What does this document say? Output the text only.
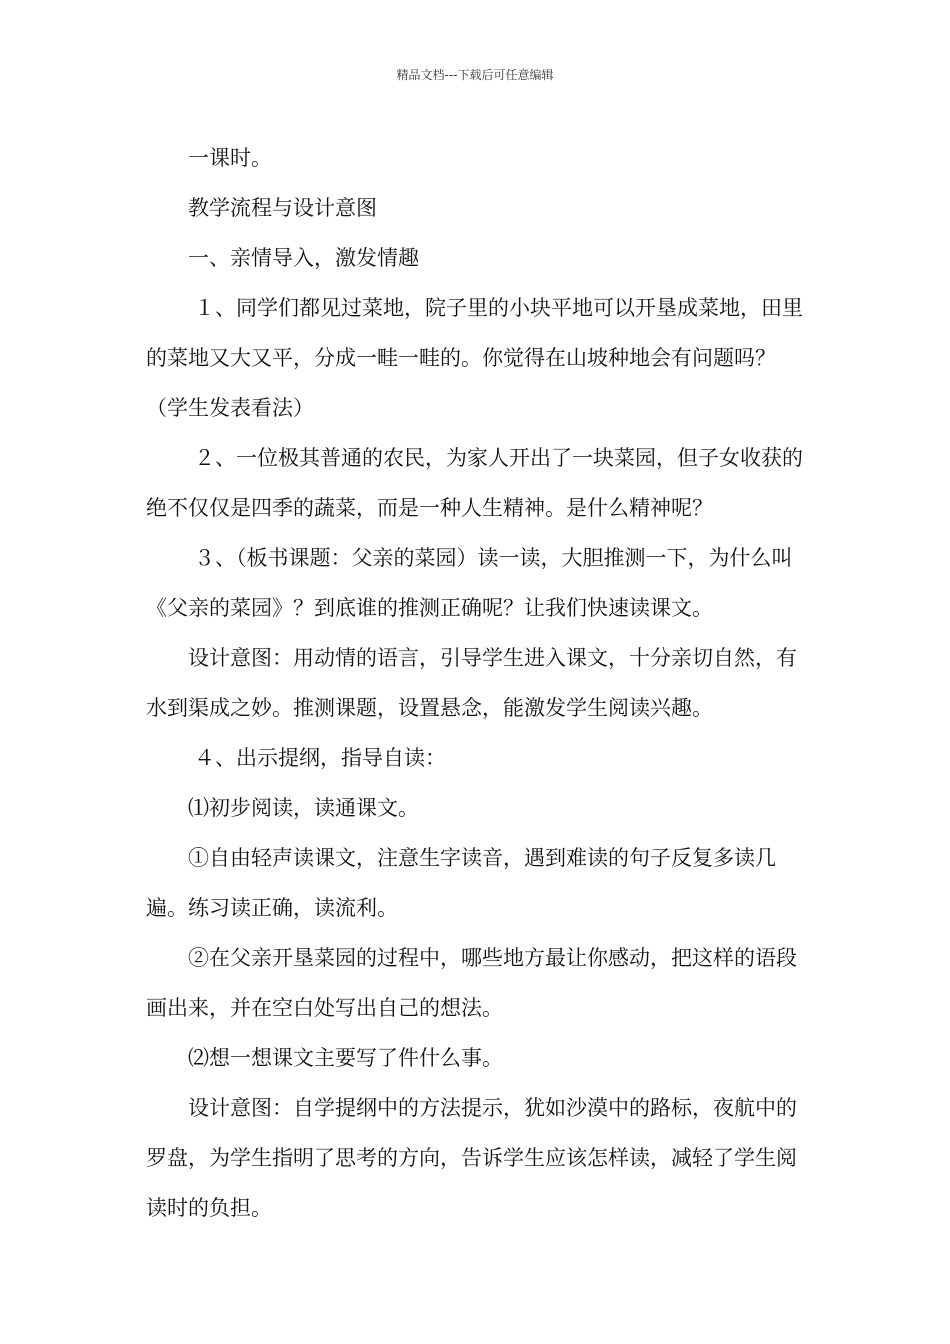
精品文档---下载后可任意编辑

一课时。

教学流程与设计意图

一、亲情导入，激发情趣

１、同学们都见过菜地，院子里的小块平地可以开垦成菜地，田里的菜地又大又平，分成一畦一畦的。你觉得在山坡种地会有问题吗？（学生发表看法）

２、一位极其普通的农民，为家人开出了一块菜园，但子女收获的绝不仅仅是四季的蔬菜，而是一种人生精神。是什么精神呢？

３、（板书课题：父亲的菜园）读一读，大胆推测一下，为什么叫《父亲的菜园》？到底谁的推测正确呢？让我们快速读课文。

设计意图：用动情的语言，引导学生进入课文，十分亲切自然，有水到渠成之妙。推测课题，设置悬念，能激发学生阅读兴趣。

４、出示提纲，指导自读：

⑴初步阅读，读通课文。

①自由轻声读课文，注意生字读音，遇到难读的句子反复多读几遍。练习读正确，读流利。

②在父亲开垦菜园的过程中，哪些地方最让你感动，把这样的语段画出来，并在空白处写出自己的想法。

⑵想一想课文主要写了件什么事。

设计意图：自学提纲中的方法提示，犹如沙漠中的路标，夜航中的罗盘，为学生指明了思考的方向，告诉学生应该怎样读，减轻了学生阅读时的负担。
